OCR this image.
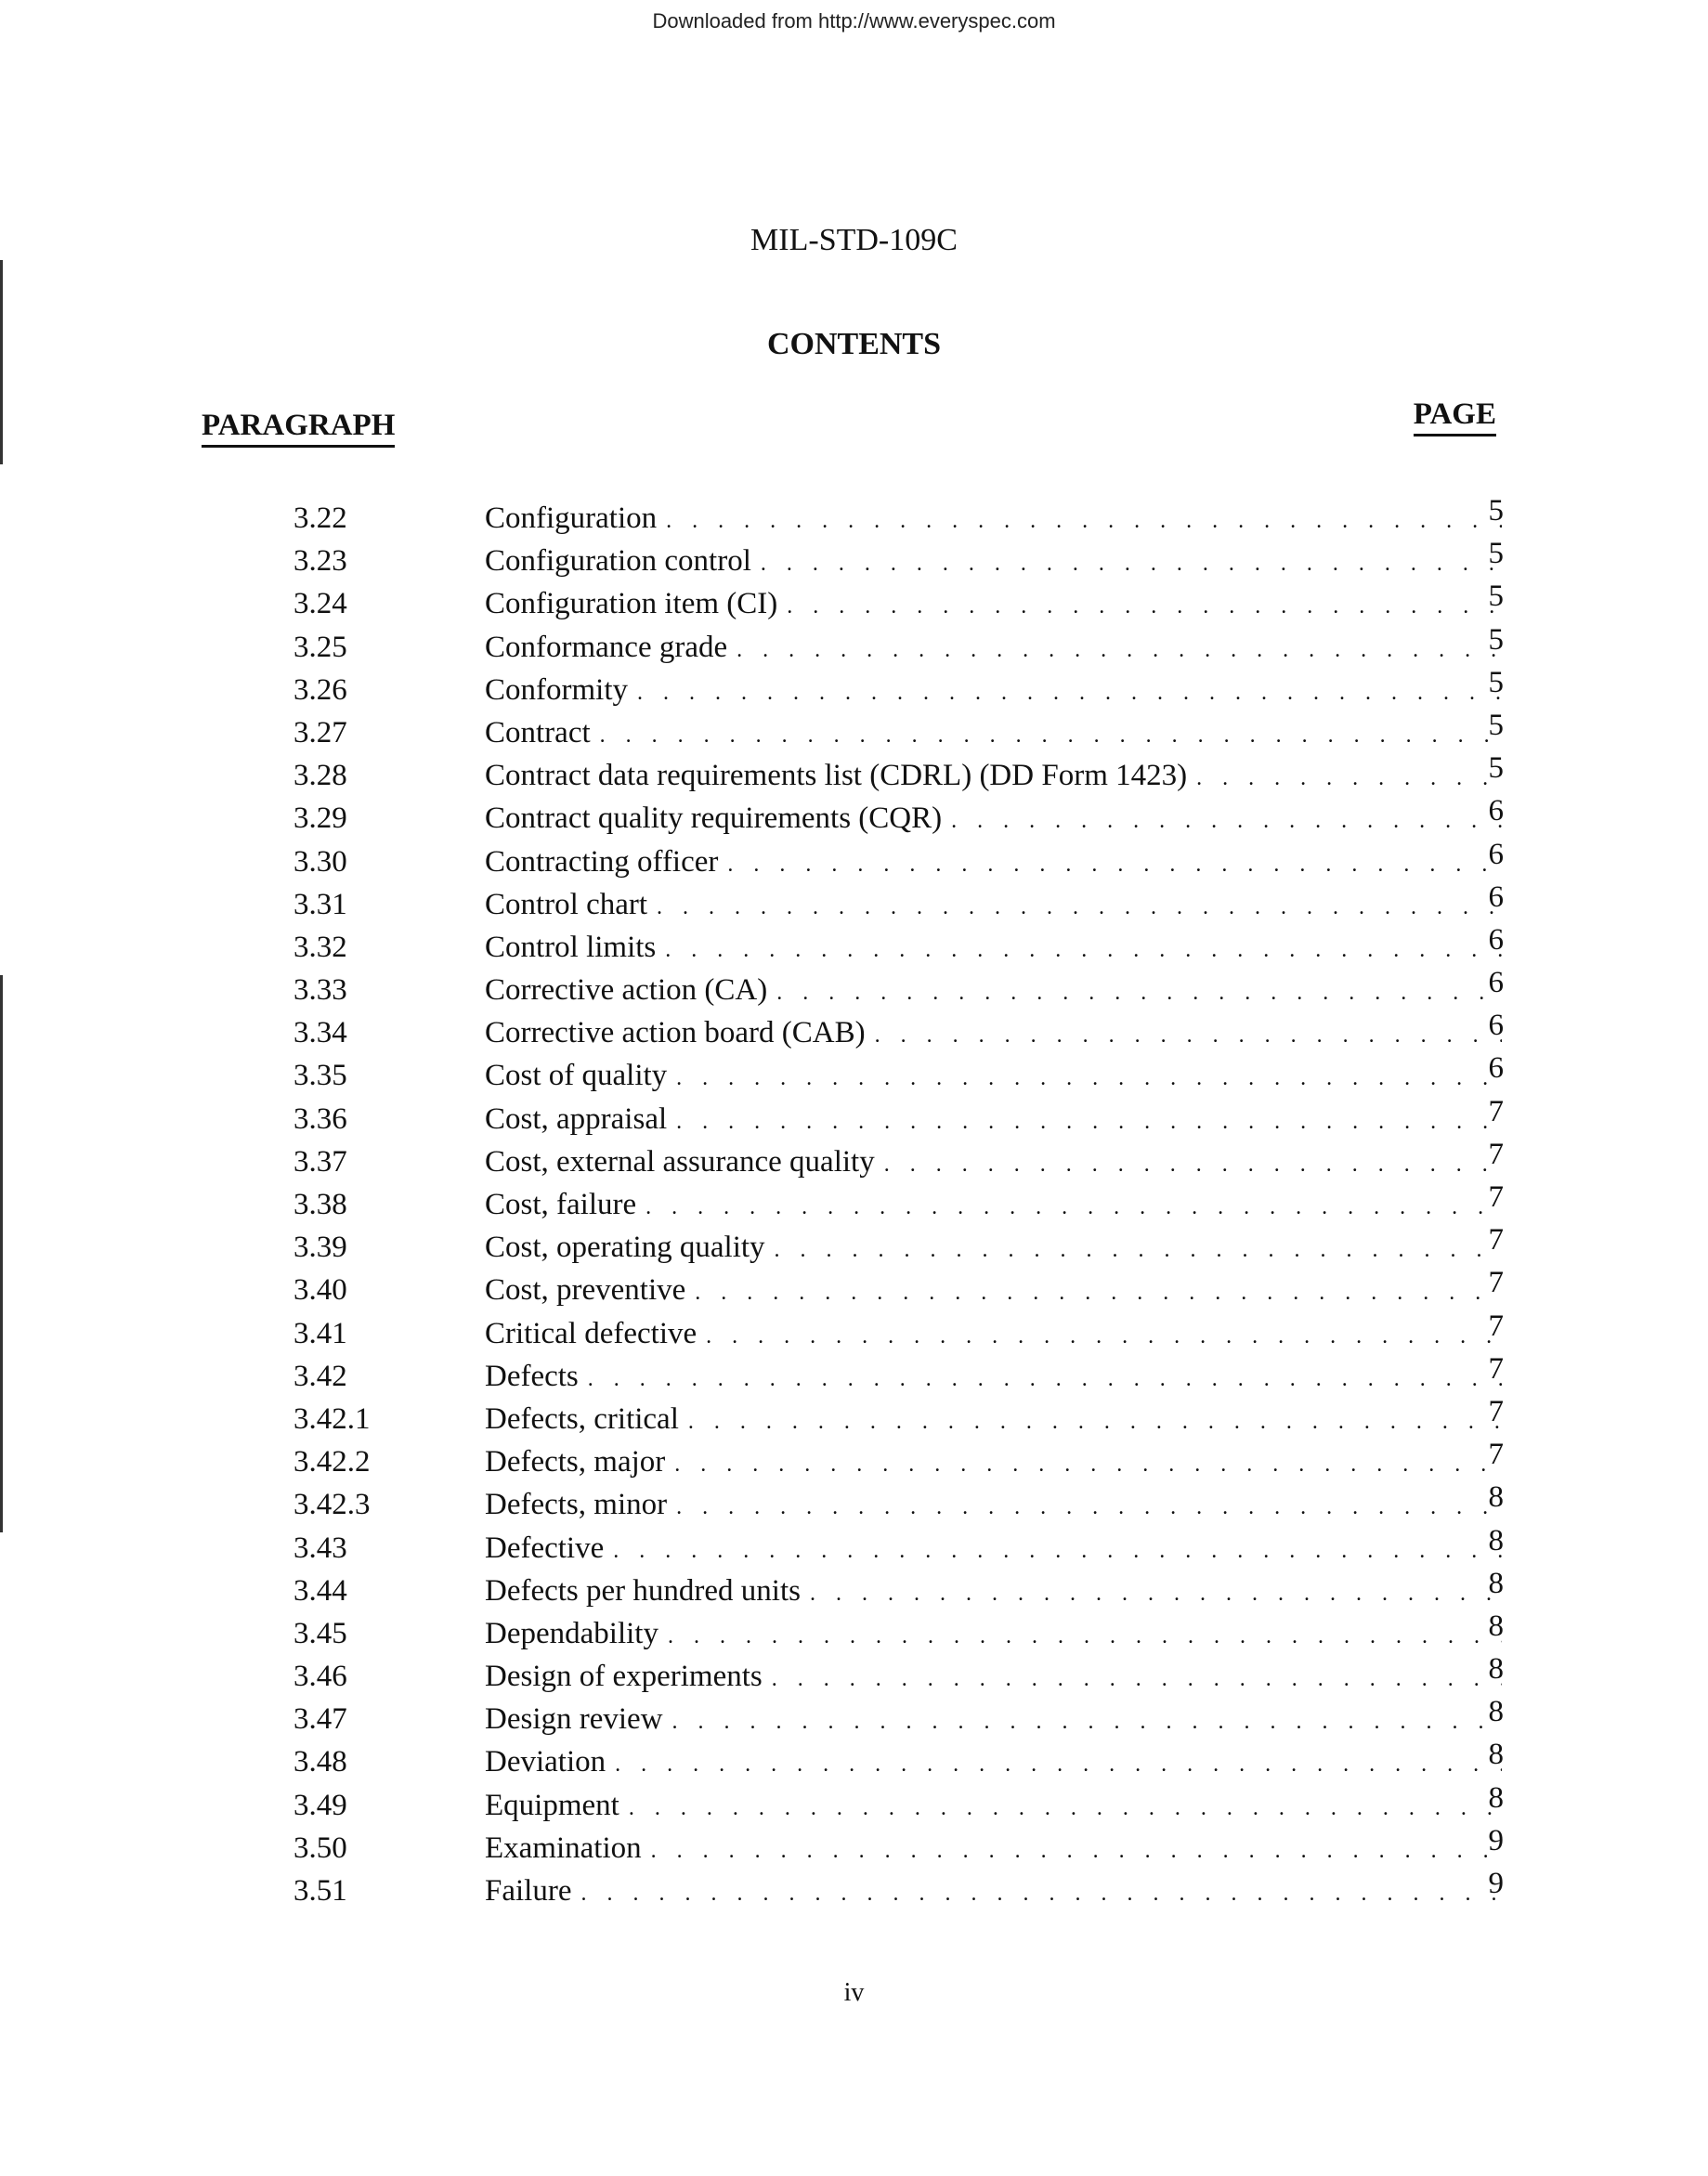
Downloaded from http://www.everyspec.com
MIL-STD-109C
CONTENTS
PARAGRAPH	PAGE
3.22	Configuration . . .	5
3.23	Configuration control . . .	5
3.24	Configuration item (CI) . . .	5
3.25	Conformance grade . . .	5
3.26	Conformity . . .	5
3.27	Contract . . .	5
3.28	Contract data requirements list (CDRL) (DD Form 1423) . . .	5
3.29	Contract quality requirements (CQR) . . .	6
3.30	Contracting officer . . .	6
3.31	Control chart . . .	6
3.32	Control limits . . .	6
3.33	Corrective action (CA) . . .	6
3.34	Corrective action board (CAB) . . .	6
3.35	Cost of quality . . .	6
3.36	Cost, appraisal . . .	7
3.37	Cost, external assurance quality . . .	7
3.38	Cost, failure . . .	7
3.39	Cost, operating quality . . .	7
3.40	Cost, preventive . . .	7
3.41	Critical defective . . .	7
3.42	Defects . . .	7
3.42.1	Defects, critical . . .	7
3.42.2	Defects, major . . .	7
3.42.3	Defects, minor . . .	8
3.43	Defective . . .	8
3.44	Defects per hundred units . . .	8
3.45	Dependability . . .	8
3.46	Design of experiments . . .	8
3.47	Design review . . .	8
3.48	Deviation . . .	8
3.49	Equipment . . .	8
3.50	Examination . . .	9
3.51	Failure . . .	9
iv
